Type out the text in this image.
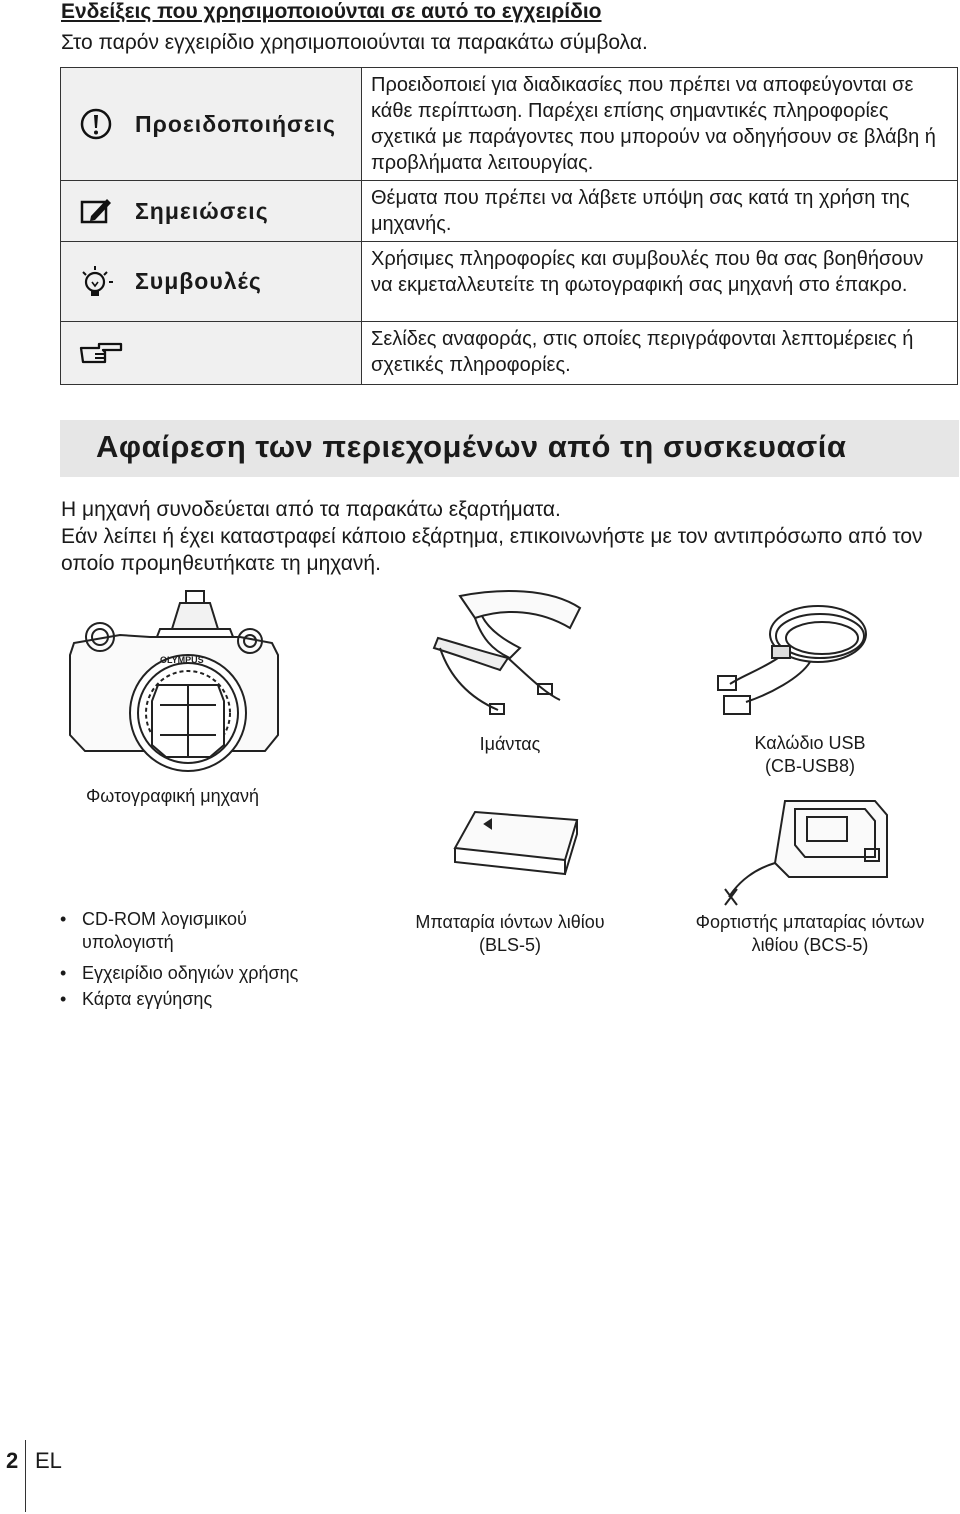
Ενδείξεις που χρησιμοποιούνται σε αυτό το εγχειρίδιο
Στο παρόν εγχειρίδιο χρησιμοποιούνται τα παρακάτω σύμβολα.
Προειδοποιήσεις	Προειδοποιεί για διαδικασίες που πρέπει να αποφεύγονται σε κάθε περίπτωση. Παρέχει επίσης σημαντικές πληροφορίες σχετικά με παράγοντες που μπορούν να οδηγήσουν σε βλάβη ή προβλήματα λειτουργίας.

Σημειώσεις	Θέματα που πρέπει να λάβετε υπόψη σας κατά τη χρήση της μηχανής.

Συμβουλές	Χρήσιμες πληροφορίες και συμβουλές που θα σας βοηθήσουν να εκμεταλλευτείτε τη φωτογραφική σας μηχανή στο έπακρο.

	Σελίδες αναφοράς, στις οποίες περιγράφονται λεπτομέρειες ή σχετικές πληροφορίες.
Αφαίρεση των περιεχομένων από τη συσκευασία
Η μηχανή συνοδεύεται από τα παρακάτω εξαρτήματα.
Εάν λείπει ή έχει καταστραφεί κάποιο εξάρτημα, επικοινωνήστε με τον αντιπρόσωπο από τον οποίο προμηθευτήκατε τη μηχανή.
OLYMPUS
Φωτογραφική μηχανή
Ιμάντας	Καλώδιο USB (CB-USB8)
Μπαταρία ιόντων λιθίου (BLS-5)
Φορτιστής μπαταρίας ιόντων λιθίου (BCS-5)
• CD-ROM λογισμικού υπολογιστή
• Εγχειρίδιο οδηγιών χρήσης
• Κάρτα εγγύησης
2 EL
